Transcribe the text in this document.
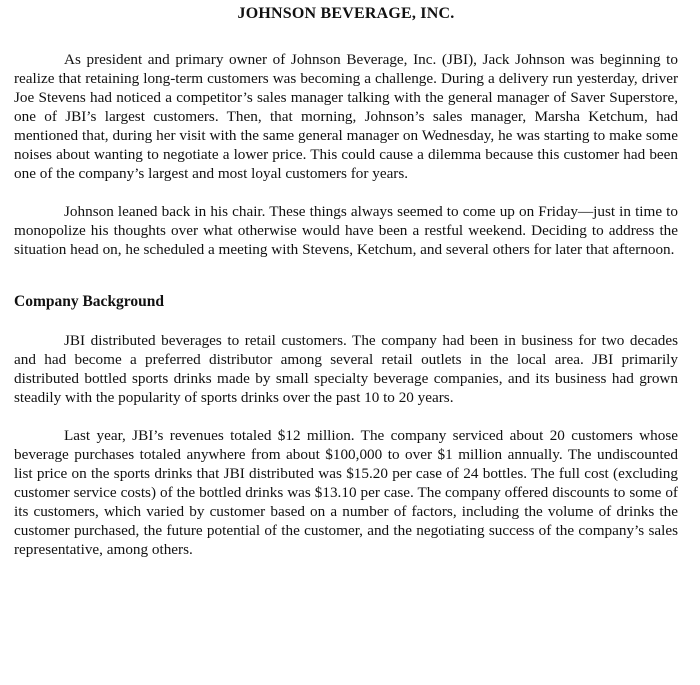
JOHNSON BEVERAGE, INC.

As president and primary owner of Johnson Beverage, Inc. (JBI), Jack Johnson was beginning to realize that retaining long-term customers was becoming a challenge. During a delivery run yesterday, driver Joe Stevens had noticed a competitor’s sales manager talking with the general manager of Saver Superstore, one of JBI’s largest customers. Then, that morning, Johnson’s sales manager, Marsha Ketchum, had mentioned that, during her visit with the same general manager on Wednesday, he was starting to make some noises about wanting to negotiate a lower price. This could cause a dilemma because this customer had been one of the company’s largest and most loyal customers for years.

Johnson leaned back in his chair. These things always seemed to come up on Friday—just in time to monopolize his thoughts over what otherwise would have been a restful weekend. Deciding to address the situation head on, he scheduled a meeting with Stevens, Ketchum, and several others for later that afternoon.

Company Background

JBI distributed beverages to retail customers. The company had been in business for two decades and had become a preferred distributor among several retail outlets in the local area. JBI primarily distributed bottled sports drinks made by small specialty beverage companies, and its business had grown steadily with the popularity of sports drinks over the past 10 to 20 years.

Last year, JBI’s revenues totaled $12 million. The company serviced about 20 customers whose beverage purchases totaled anywhere from about $100,000 to over $1 million annually. The undiscounted list price on the sports drinks that JBI distributed was $15.20 per case of 24 bottles. The full cost (excluding customer service costs) of the bottled drinks was $13.10 per case. The company offered discounts to some of its customers, which varied by customer based on a number of factors, including the volume of drinks the customer purchased, the future potential of the customer, and the negotiating success of the company’s sales representative, among others.
